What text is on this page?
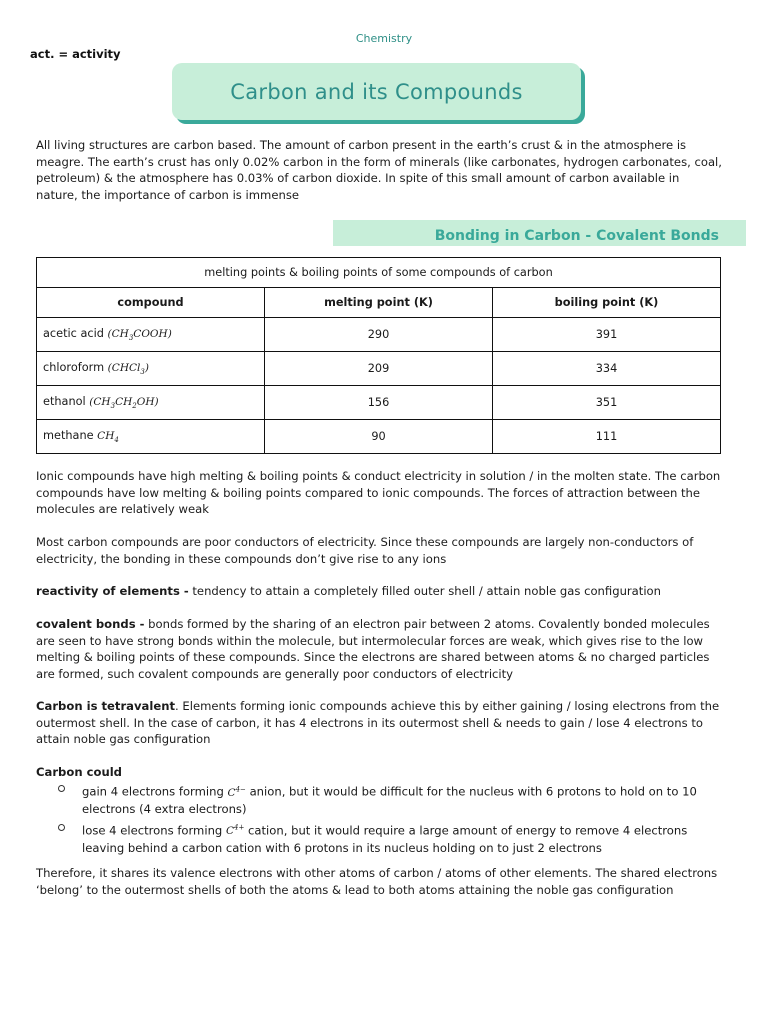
Chemistry
act. = activity
Carbon and its Compounds

All living structures are carbon based. The amount of carbon present in the earth’s crust & in the atmosphere is meagre. The earth’s crust has only 0.02% carbon in the form of minerals (like carbonates, hydrogen carbonates, coal, petroleum) & the atmosphere has 0.03% of carbon dioxide. In spite of this small amount of carbon available in nature, the importance of carbon is immense

Bonding in Carbon - Covalent Bonds
melting points & boiling points of some compounds of carbon		
compound	melting point (K)	boiling point (K)
acetic acid $(CH_3COOH)$	290	391
chloroform (CHCl$_3$)	209	334
ethanol $(CH_3CH_2OH)$	156	351
methane $CH_4$	90	111

Ionic compounds have high melting & boiling points & conduct electricity in solution / in the molten state. The carbon compounds have low melting & boiling points compared to ionic compounds. The forces of attraction between the molecules are relatively weak

Most carbon compounds are poor conductors of electricity. Since these compounds are largely non-conductors of electricity, the bonding in these compounds don’t give rise to any ions

reactivity of elements - tendency to attain a completely filled outer shell / attain noble gas configuration

covalent bonds - bonds formed by the sharing of an electron pair between 2 atoms. Covalently bonded molecules are seen to have strong bonds within the molecule, but intermolecular forces are weak, which gives rise to the low melting & boiling points of these compounds. Since the electrons are shared between atoms & no charged particles are formed, such covalent compounds are generally poor conductors of electricity

Carbon is tetravalent. Elements forming ionic compounds achieve this by either gaining / losing electrons from the outermost shell. In the case of carbon, it has 4 electrons in its outermost shell & needs to gain / lose 4 electrons to attain noble gas configuration

Carbon could

gain 4 electrons forming $C^{4-}$ anion, but it would be difficult for the nucleus with 6 protons to hold on to 10 electrons (4 extra electrons)
lose 4 electrons forming $C^{4+}$ cation, but it would require a large amount of energy to remove 4 electrons leaving behind a carbon cation with 6 protons in its nucleus holding on to just 2 electrons

Therefore, it shares its valence electrons with other atoms of carbon / atoms of other elements. The shared electrons ‘belong’ to the outermost shells of both the atoms & lead to both atoms attaining the noble gas configuration
